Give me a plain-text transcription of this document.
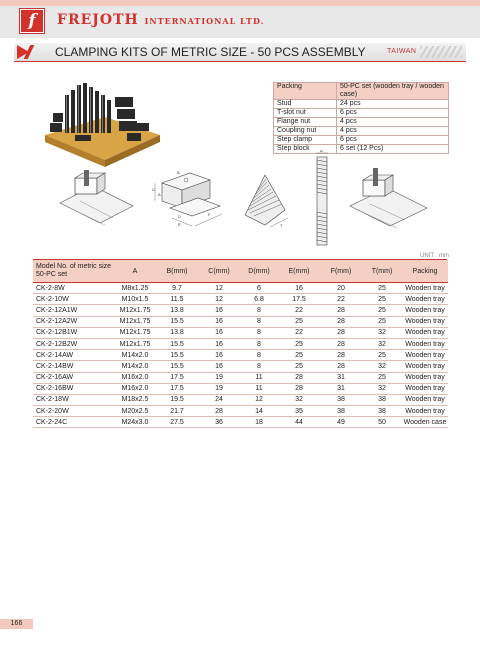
f	FREJOTH INTERNATIONAL LTD.
CLAMPING KITS OF METRIC SIZE - 50 PCS ASSEMBLY	TAIWAN
Packing	50-PC set (wooden tray / wooden case)
Stud	24 pcs
T-slot nut	6 pcs
Flange nut	4 pcs
Coupling nut	4 pcs
Step clamp	6 pcs
Step block	6 set (12 Pcs)
C
A
B
D
E
F
T
A
UNIT : mm
Model No. of metric size 50-PC set	A	B(mm)	C(mm)	D(mm)	E(mm)	F(mm)	T(mm)	Packing
CK-2-8W	M8x1.25	9.7	12	6	16	20	25	Wooden tray
CK-2-10W	M10x1.5	11.5	12	6.8	17.5	22	25	Wooden tray
CK-2-12A1W	M12x1.75	13.8	16	8	22	28	25	Wooden tray
CK-2-12A2W	M12x1.75	15.5	16	8	25	28	25	Wooden tray
CK-2-12B1W	M12x1.75	13.8	16	8	22	28	32	Wooden tray
CK-2-12B2W	M12x1.75	15.5	16	8	25	28	32	Wooden tray
CK-2-14AW	M14x2.0	15.5	16	8	25	28	25	Wooden tray
CK-2-14BW	M14x2.0	15.5	16	8	25	28	32	Wooden tray
CK-2-16AW	M16x2.0	17.5	19	11	28	31	25	Wooden tray
CK-2-16BW	M16x2.0	17.5	19	11	28	31	32	Wooden tray
CK-2-18W	M18x2.5	19.5	24	12	32	38	38	Wooden tray
CK-2-20W	M20x2.5	21.7	28	14	35	38	38	Wooden tray
CK-2-24C	M24x3.0	27.5	36	18	44	49	50	Wooden case
166
